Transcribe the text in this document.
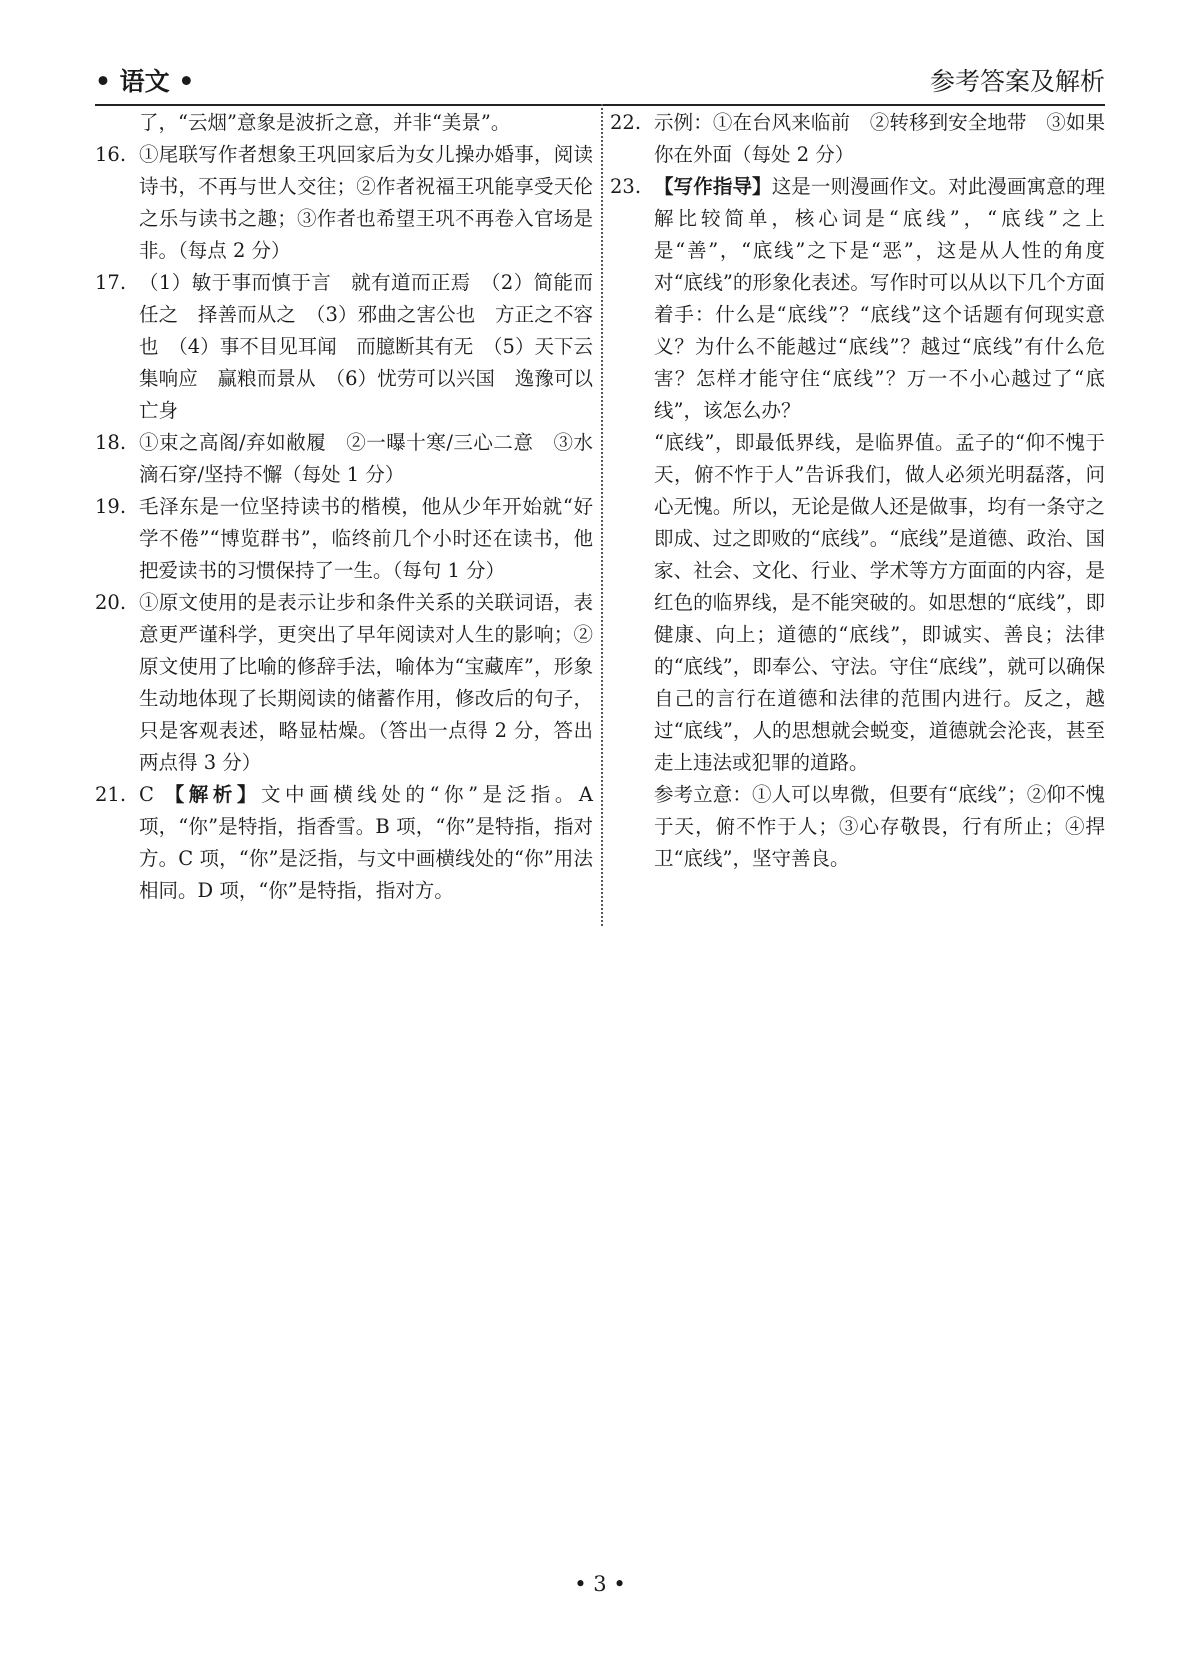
• 语文 •	参考答案及解析
了，“云烟”意象是波折之意，并非“美景”。
16. ①尾联写作者想象王巩回家后为女儿操办婚事，阅读诗书，不再与世人交往；②作者祝福王巩能享受天伦之乐与读书之趣；③作者也希望王巩不再卷入官场是非。（每点 2 分）
17. （1）敏于事而慎于言　就有道而正焉　（2）简能而任之　择善而从之　（3）邪曲之害公也　方正之不容也　（4）事不目见耳闻　而臆断其有无　（5）天下云集响应　赢粮而景从　（6）忧劳可以兴国　逸豫可以亡身
18. ①束之高阁/弃如敝履　②一曝十寒/三心二意　③水滴石穿/坚持不懈（每处 1 分）
19. 毛泽东是一位坚持读书的楷模，他从少年开始就“好学不倦”“博览群书”，临终前几个小时还在读书，他把爱读书的习惯保持了一生。（每句 1 分）
20. ①原文使用的是表示让步和条件关系的关联词语，表意更严谨科学，更突出了早年阅读对人生的影响；②原文使用了比喻的修辞手法，喻体为“宝藏库”，形象生动地体现了长期阅读的储蓄作用，修改后的句子，只是客观表述，略显枯燥。（答出一点得 2 分，答出两点得 3 分）
21. C 【解析】文中画横线处的“你”是泛指。A 项，“你”是特指，指香雪。B 项，“你”是特指，指对方。C 项，“你”是泛指，与文中画横线处的“你”用法相同。D 项，“你”是特指，指对方。
22. 示例：①在台风来临前　②转移到安全地带　③如果你在外面（每处 2 分）
23. 【写作指导】这是一则漫画作文。对此漫画寓意的理解比较简单，核心词是“底线”，“底线”之上是“善”，“底线”之下是“恶”，这是从人性的角度对“底线”的形象化表述。写作时可以从以下几个方面着手：什么是“底线”？“底线”这个话题有何现实意义？为什么不能越过“底线”？越过“底线”有什么危害？怎样才能守住“底线”？万一不小心越过了“底线”，该怎么办？
“底线”，即最低界线，是临界值。孟子的“仰不愧于天，俯不怍于人”告诉我们，做人必须光明磊落，问心无愧。所以，无论是做人还是做事，均有一条守之即成、过之即败的“底线”。“底线”是道德、政治、国家、社会、文化、行业、学术等方方面面的内容，是红色的临界线，是不能突破的。如思想的“底线”，即健康、向上；道德的“底线”，即诚实、善良；法律的“底线”，即奉公、守法。守住“底线”，就可以确保自己的言行在道德和法律的范围内进行。反之，越过“底线”，人的思想就会蜕变，道德就会沦丧，甚至走上违法或犯罪的道路。
参考立意：①人可以卑微，但要有“底线”；②仰不愧于天，俯不怍于人；③心存敬畏，行有所止；④捍卫“底线”，坚守善良。
• 3 •
